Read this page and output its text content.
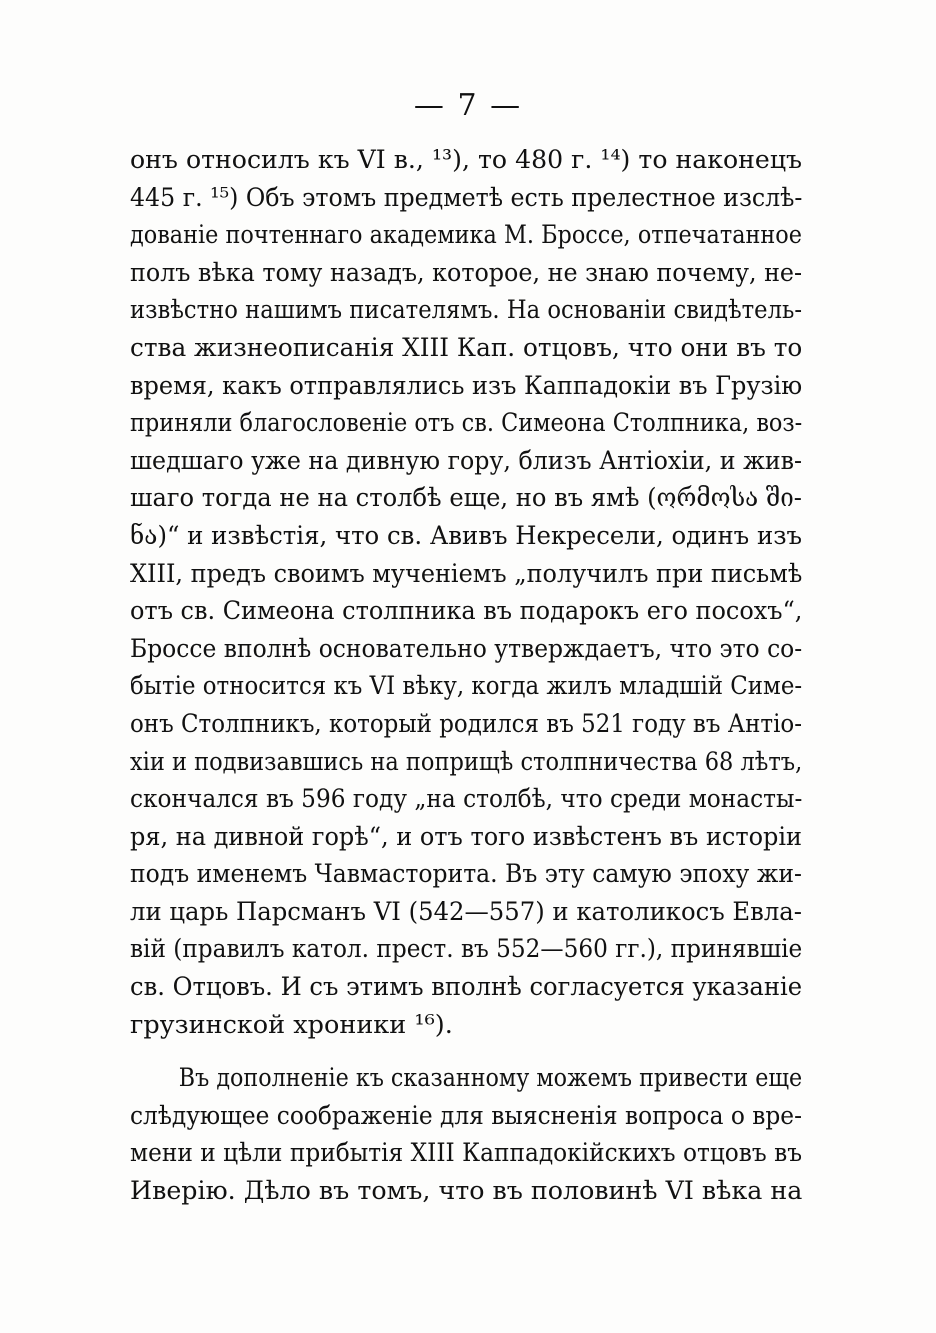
— 7 —
онъ относилъ къ VI в., ¹³), то 480 г. ¹⁴) то наконецъ
445 г. ¹⁵) Объ этомъ предметѣ есть прелестное изслѣ-
дованіе почтеннаго академика М. Броссе, отпечатанное
полъ вѣка тому назадъ, которое, не знаю почему, не-
извѣстно нашимъ писателямъ. На основаніи свидѣтель-
ства жизнеописанія XIII Кап. отцовъ, что они въ то
время, какъ отправлялись изъ Каппадокіи въ Грузію
приняли благословеніе отъ св. Симеона Столпника, воз-
шедшаго уже на дивную гору, близъ Антіохіи, и жив-
шаго тогда не на столбѣ еще, но въ ямѣ (ორმოსა ში-
ნა)“ и извѣстія, что св. Авивъ Некресели, одинъ изъ
XIII, предъ своимъ мученіемъ „получилъ при письмѣ
отъ св. Симеона столпника въ подарокъ его посохъ“,
Броссе вполнѣ основательно утверждаетъ, что это со-
бытіе относится къ VI вѣку, когда жилъ младшій Симе-
онъ Столпникъ, который родился въ 521 году въ Антіо-
хіи и подвизавшись на поприщѣ столпничества 68 лѣтъ,
скончался въ 596 году „на столбѣ, что среди монасты-
ря, на дивной горѣ“, и отъ того извѣстенъ въ исторіи
подъ именемъ Чавмасторита. Въ эту самую эпоху жи-
ли царь Парсманъ VI (542—557) и католикосъ Евла-
вій (правилъ катол. прест. въ 552—560 гг.), принявшіе
св. Отцовъ. И съ этимъ вполнѣ согласуется указаніе
грузинской хроники ¹⁶).
Въ дополненіе къ сказанному можемъ привести еще
слѣдующее соображеніе для выясненія вопроса о вре-
мени и цѣли прибытія XIII Каппадокійскихъ отцовъ въ
Иверію. Дѣло въ томъ, что въ половинѣ VI вѣка на
